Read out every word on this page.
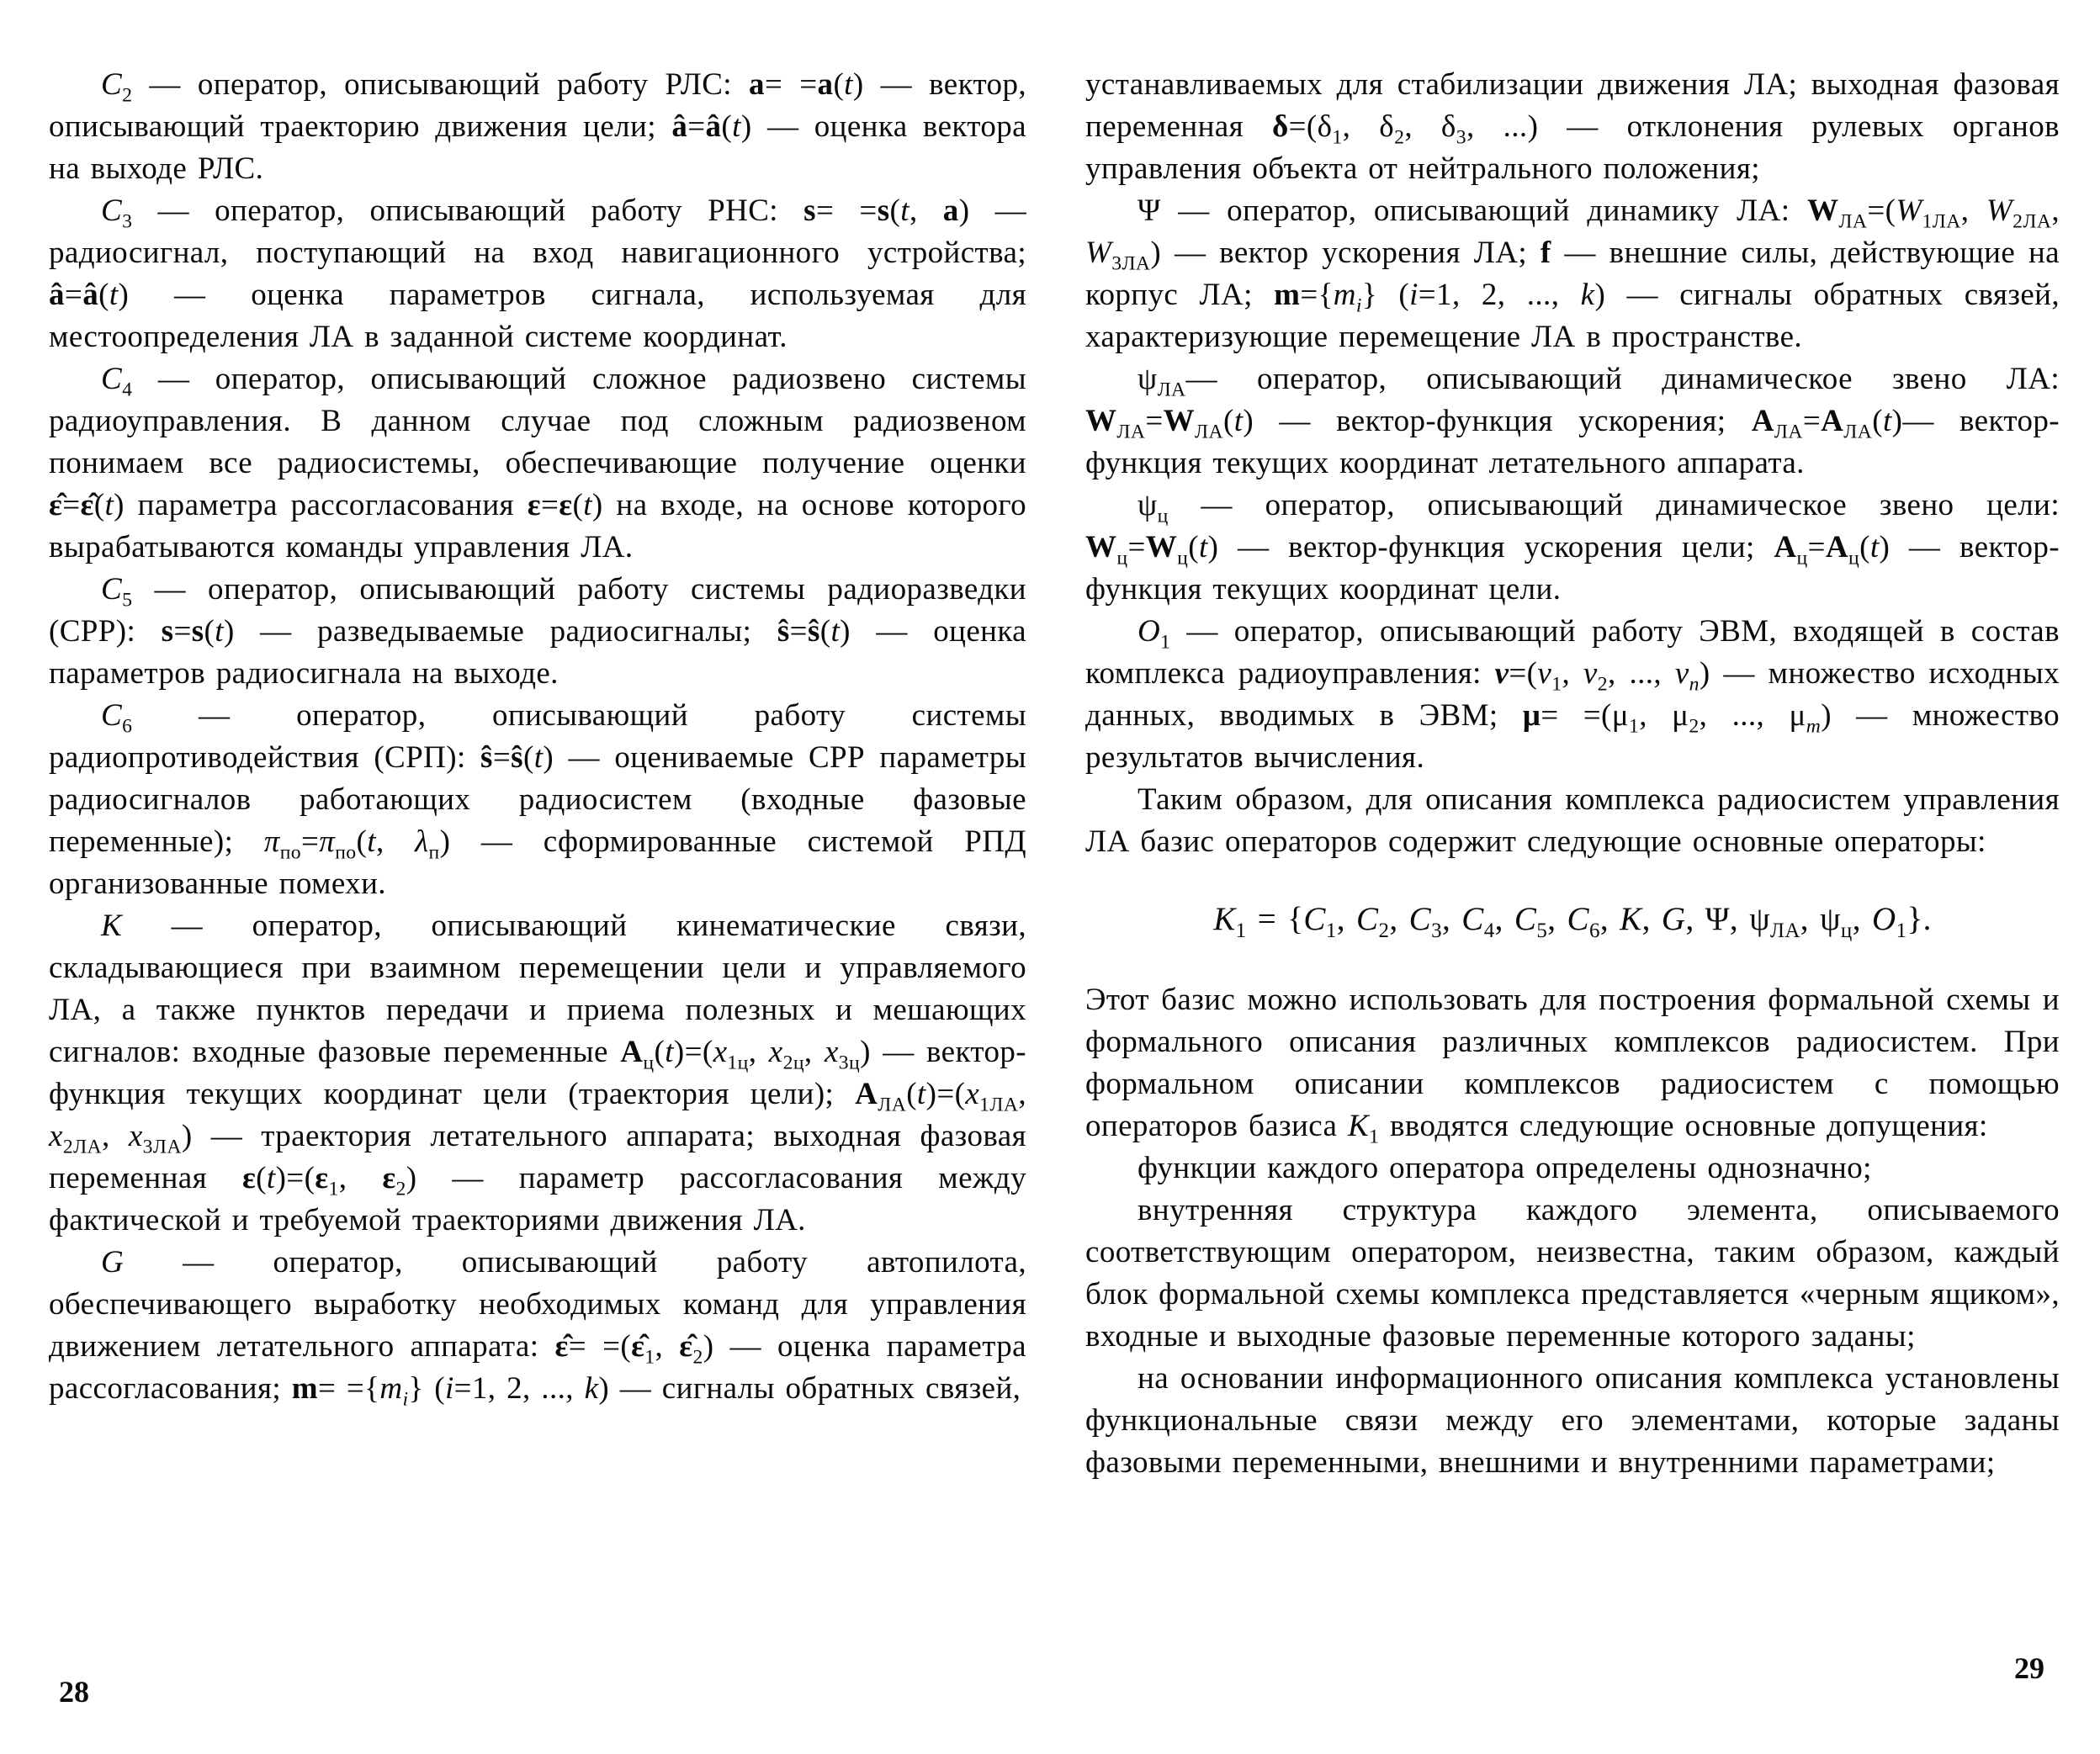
$C_2$ — оператор, описывающий работу РЛС: a= =a(t) — вектор, описывающий траекторию движения цели; â=â(t) — оценка вектора на выходе РЛС.

$C_3$ — оператор, описывающий работу РНС: s= =s(t, a) — радиосигнал, поступающий на вход навигационного устройства; â=â(t) — оценка параметров сигнала, используемая для местоопределения ЛА в заданной системе координат.

$C_4$ — оператор, описывающий сложное радиозвено системы радиоуправления. В данном случае под сложным радиозвеном понимаем все радиосистемы, обеспечивающие получение оценки ε̂=ε̂(t) параметра рассогласования ε=ε(t) на входе, на основе которого вырабатываются команды управления ЛА.

$C_5$ — оператор, описывающий работу системы радиоразведки (СРР): s=s(t) — разведываемые радиосигналы; ŝ=ŝ(t) — оценка параметров радиосигнала на выходе.

$C_6$ — оператор, описывающий работу системы радиопротиводействия (СРП): ŝ=ŝ(t) — оцениваемые СРР параметры радиосигналов работающих радиосистем (входные фазовые переменные); $\pi_{по}=\pi_{по}(t$, $\lambda_п$) — сформированные системой РПД организованные помехи.

К — оператор, описывающий кинематические связи, складывающиеся при взаимном перемещении цели и управляемого ЛА, а также пунктов передачи и приема полезных и мешающих сигналов: входные фазовые переменные $А_ц(t)=(x_{1ц}$, $x_{2ц}$, $x_{3ц}$) — вектор-функция текущих координат цели (траектория цели); $А_{ЛА}(t)=(x_{1ЛА}$, $x_{2ЛА}$, $x_{3ЛА}$) — траектория летательного аппарата; выходная фазовая переменная $\varepsilon(t)=(\varepsilon_1$, $\varepsilon_2$) — параметр рассогласования между фактической и требуемой траекториями движения ЛА.

G — оператор, описывающий работу автопилота, обеспечивающего выработку необходимых команд для управления движением летательного аппарата: ε̂= $=(\varepsilon̂_1$, $\varepsilon̂_2$) — оценка параметра рассогласования; $m= =\{m_i\}$ (i=1, 2, ..., k) — сигналы обратных связей,

устанавливаемых для стабилизации движения ЛА; выходная фазовая переменная $\delta=(\delta_1$, $\delta_2$, $\delta_3$, ...) — отклонения рулевых органов управления объекта от нейтрального положения;

Ψ — оператор, описывающий динамику ЛА: $W_{ЛА}=(W_{1ЛА}$, $W_{2ЛА}$, $W_{3ЛА}$) — вектор ускорения ЛА; f — внешние силы, действующие на корпус ЛА; $m=\{m_i\}$ (i=1, 2, ..., k) — сигналы обратных связей, характеризующие перемещение ЛА в пространстве.

$\psi_{ЛА}—$ оператор, описывающий динамическое звено ЛА: $W_{ЛА}=W_{ЛА}(t)$ — вектор-функция ускорения; $А_{ЛА}=А_{ЛА}(t)—$ вектор-функция текущих координат летательного аппарата.

$\psi_ц$ — оператор, описывающий динамическое звено цели: $W_ц=W_ц(t)$ — вектор-функция ускорения цели; $А_ц=А_ц(t)$ — вектор-функция текущих координат цели.

$О_1$ — оператор, описывающий работу ЭВМ, входящей в состав комплекса радиоуправления: $v=(v_1$, $v_2$, ..., $v_n$) — множество исходных данных, вводимых в ЭВМ; $\mu= =(\mu_1$, $\mu_2$, ..., $\mu_m$) — множество результатов вычисления.

Таким образом, для описания комплекса радиосистем управления ЛА базис операторов содержит следующие основные операторы:

$K_1 = \{C_1$, $C_2$, $C_3$, $C_4$, $C_5$, $C_6$, K, G, Ψ, $\psi_{ЛА}$, $\psi_ц$, $O_1$}.

Этот базис можно использовать для построения формальной схемы и формального описания различных комплексов радиосистем. При формальном описании комплексов радиосистем с помощью операторов базиса $K_1$ вводятся следующие основные допущения:

функции каждого оператора определены однозначно;

внутренняя структура каждого элемента, описываемого соответствующим оператором, неизвестна, таким образом, каждый блок формальной схемы комплекса представляется «черным ящиком», входные и выходные фазовые переменные которого заданы;

на основании информационного описания комплекса установлены функциональные связи между его элементами, которые заданы фазовыми переменными, внешними и внутренними параметрами;

28
29
